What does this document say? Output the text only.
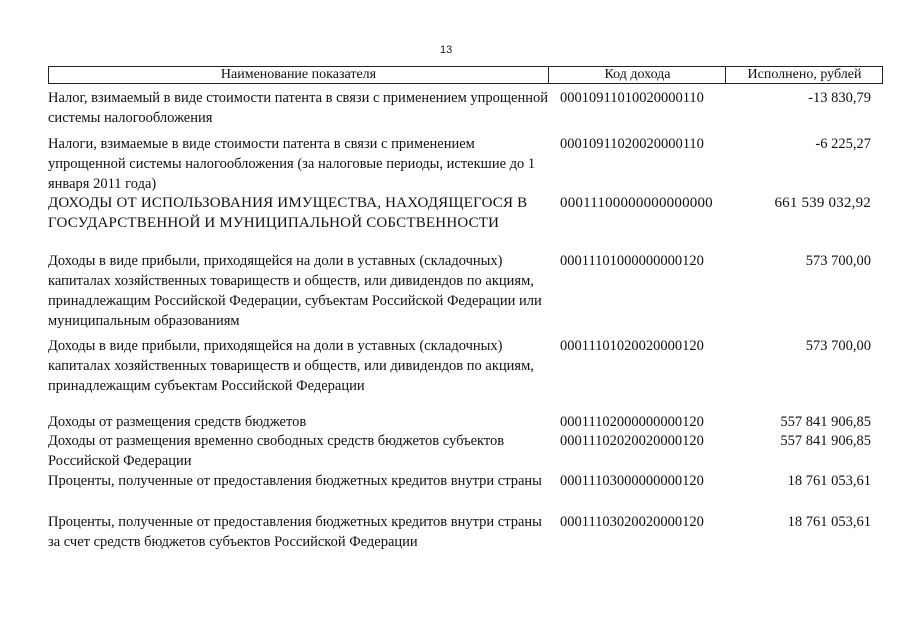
13
Наименование показателя	Код дохода	Исполнено, рублей
Налог, взимаемый в виде стоимости патента в связи с применением упрощенной системы налогообложения
00010911010020000110	-13 830,79
Налоги, взимаемые в виде стоимости патента в связи с применением упрощенной системы налогообложения (за налоговые периоды, истекшие до 1 января 2011 года)
00010911020020000110	-6 225,27
ДОХОДЫ ОТ ИСПОЛЬЗОВАНИЯ ИМУЩЕСТВА, НАХОДЯЩЕГОСЯ В ГОСУДАРСТВЕННОЙ И МУНИЦИПАЛЬНОЙ СОБСТВЕННОСТИ
00011100000000000000	661 539 032,92
Доходы в виде прибыли, приходящейся на доли в уставных (складочных) капиталах хозяйственных товариществ и обществ, или дивидендов по акциям, принадлежащим Российской Федерации, субъектам Российской Федерации или муниципальным образованиям
00011101000000000120	573 700,00
Доходы в виде прибыли, приходящейся на доли в уставных (складочных) капиталах хозяйственных товариществ и обществ, или дивидендов по акциям, принадлежащим субъектам Российской Федерации
00011101020020000120	573 700,00
Доходы от размещения средств бюджетов	00011102000000000120	557 841 906,85
Доходы от размещения временно свободных средств бюджетов субъектов Российской Федерации
00011102020020000120	557 841 906,85
Проценты, полученные от предоставления бюджетных кредитов внутри страны	00011103000000000120	18 761 053,61
Проценты, полученные от предоставления бюджетных кредитов внутри страны за счет средств бюджетов субъектов Российской Федерации
00011103020020000120	18 761 053,61
